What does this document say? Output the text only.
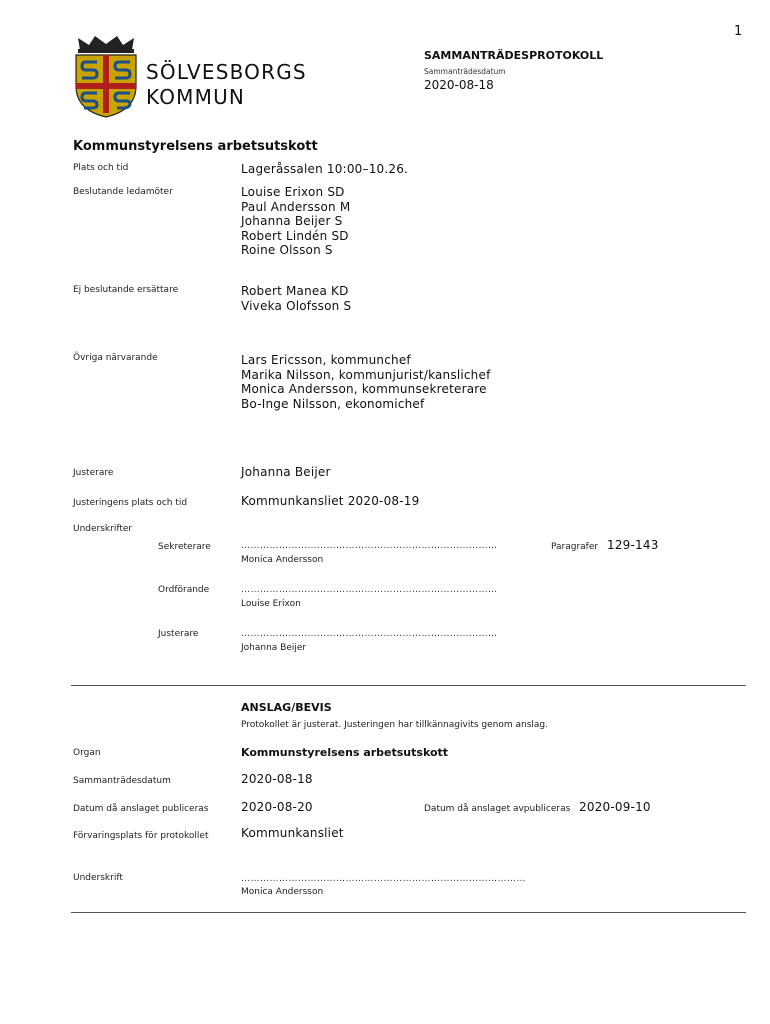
1
SÖLVESBORGS
KOMMUN
SAMMANTRÄDESPROTOKOLL
Sammanträdesdatum
2020-08-18
Kommunstyrelsens arbetsutskott
Plats och tid	Lageråssalen 10:00–10.26.
Beslutande ledamöter	Louise Erixon SD
Paul Andersson M
Johanna Beijer S
Robert Lindén SD
Roine Olsson S
Ej beslutande ersättare	Robert Manea KD
Viveka Olofsson S
Övriga närvarande	Lars Ericsson, kommunchef
Marika Nilsson, kommunjurist/kanslichef
Monica Andersson, kommunsekreterare
Bo-Inge Nilsson, ekonomichef
Justerare	Johanna Beijer
Justeringens plats och tid	Kommunkansliet 2020-08-19
Underskrifter
Sekreterare	………………………………………………………………………
Monica Andersson
Paragrafer 129-143
Ordförande	………………………………………………………………………
Louise Erixon
Justerare	………………………………………………………………………
Johanna Beijer
ANSLAG/BEVIS
Protokollet är justerat. Justeringen har tillkännagivits genom anslag.
Organ	Kommunstyrelsens arbetsutskott
Sammanträdesdatum	2020-08-18
Datum då anslaget publiceras	2020-08-20	Datum då anslaget avpubliceras 2020-09-10
Förvaringsplats för protokollet	Kommunkansliet
Underskrift	………………………………………………………………………………
Monica Andersson
